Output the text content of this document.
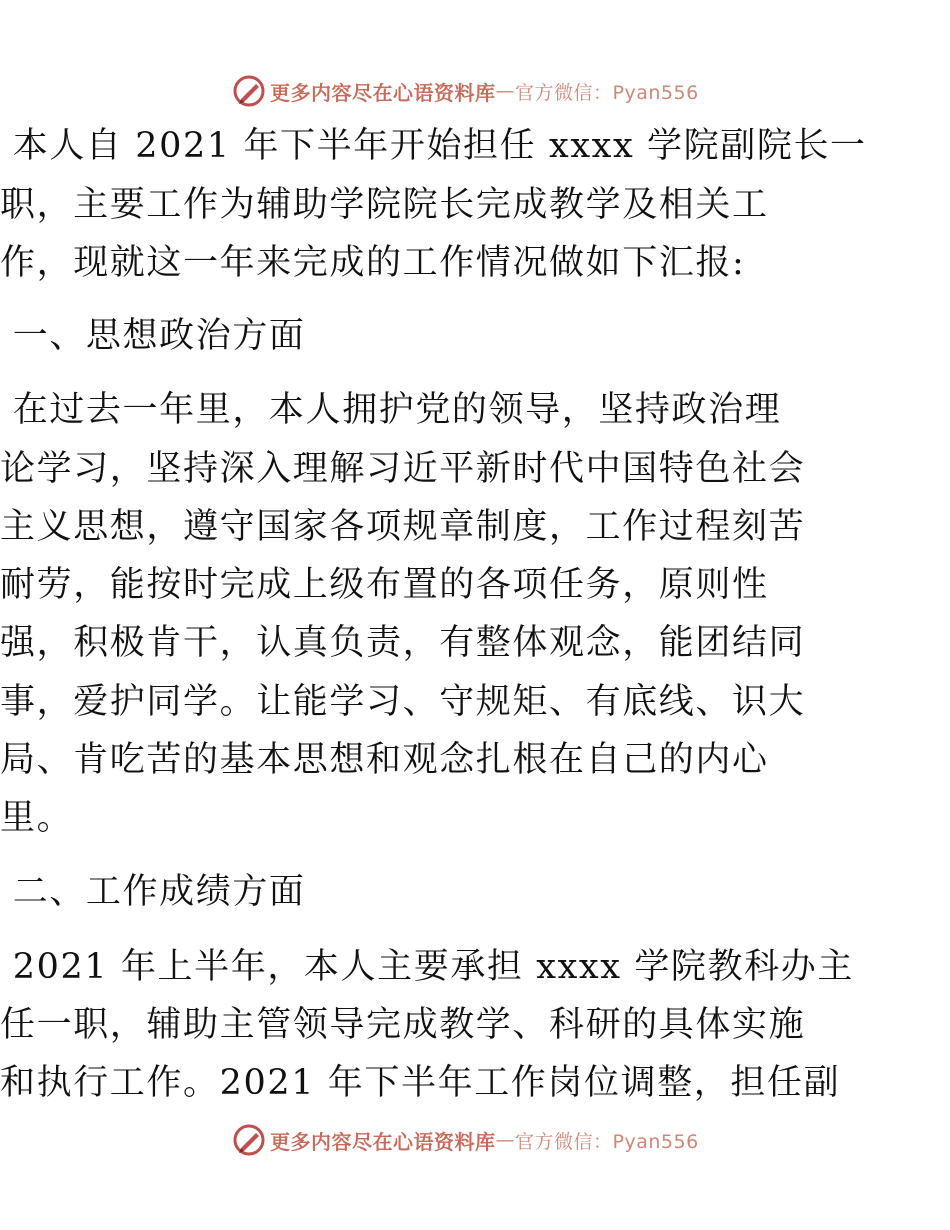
更多内容尽在心语资料库 — 官方微信：Pyan556
本人自 2021 年下半年开始担任 xxxx 学院副院长一
职，主要工作为辅助学院院长完成教学及相关工
作，现就这一年来完成的工作情况做如下汇报:
一、思想政治方面
在过去一年里，本人拥护党的领导，坚持政治理
论学习，坚持深入理解习近平新时代中国特色社会
主义思想，遵守国家各项规章制度，工作过程刻苦
耐劳，能按时完成上级布置的各项任务，原则性
强，积极肯干，认真负责，有整体观念，能团结同
事，爱护同学。让能学习、守规矩、有底线、识大
局、肯吃苦的基本思想和观念扎根在自己的内心
里。
二、工作成绩方面
2021 年上半年，本人主要承担 xxxx 学院教科办主
任一职，辅助主管领导完成教学、科研的具体实施
和执行工作。2021 年下半年工作岗位调整，担任副
更多内容尽在心语资料库 — 官方微信：Pyan556
